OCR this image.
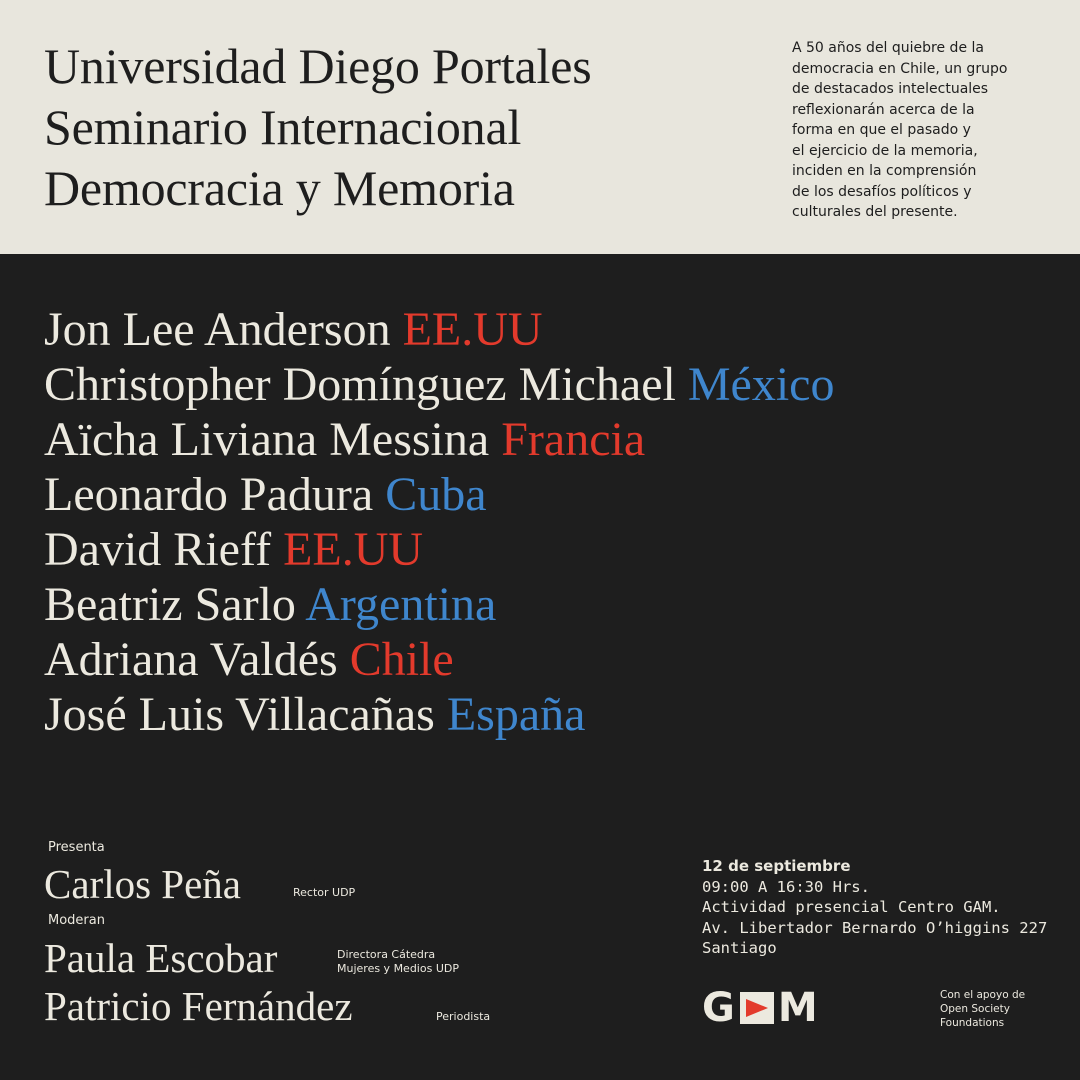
Universidad Diego Portales
Seminario Internacional
Democracia y Memoria
A 50 años del quiebre de la
democracia en Chile, un grupo
de destacados intelectuales
reflexionarán acerca de la
forma en que el pasado y
el ejercicio de la memoria,
inciden en la comprensión
de los desafíos políticos y
culturales del presente.
Jon Lee Anderson EE.UU
Christopher Domínguez Michael México
Aïcha Liviana Messina Francia
Leonardo Padura Cuba
David Rieff EE.UU
Beatriz Sarlo Argentina
Adriana Valdés Chile
José Luis Villacañas España
Presenta
Carlos Peña	Rector UDP
Moderan
Paula Escobar	Directora Cátedra
Mujeres y Medios UDP
Patricio Fernández	Periodista
12 de septiembre
09:00 A 16:30 Hrs.
Actividad presencial Centro GAM.
Av. Libertador Bernardo O’higgins 227
Santiago
G M	Con el apoyo de
Open Society
Foundations
